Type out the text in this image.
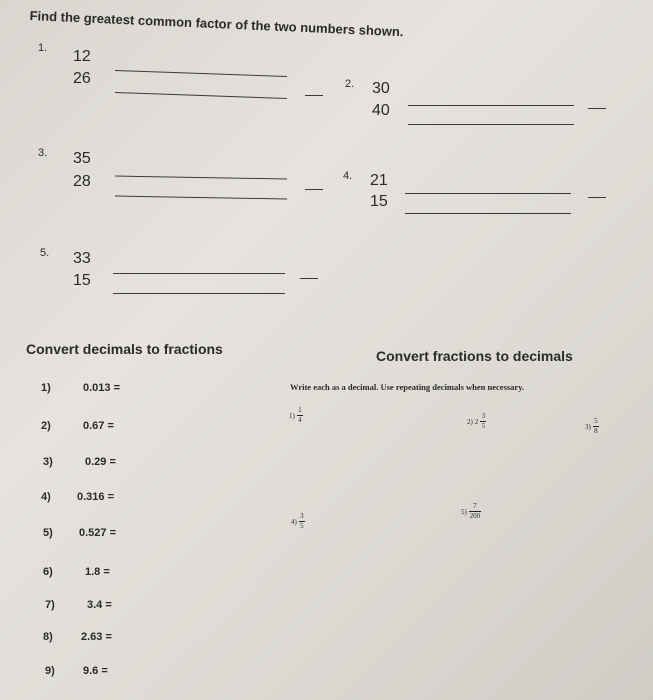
Find the greatest common factor of the two numbers shown.
1. 12
26	2. 30
40
3. 35
28	4. 21
15
5. 33
15
Convert decimals to fractions
1)	0.013 =
2)	0.67 =
3)	0.29 =
4) 0.316 =
5) 0.527 =
6)	1.8 =
7)	3.4 =
8)	2.63 =
9)	9.6 =
Convert fractions to decimals
Write each as a decimal. Use repeating decimals when necessary.
$1) \frac{1}{4}$	2) $2 \frac{3}{5}$	$3) \frac{5}{8}$
$4) \frac{3}{5}$
$5) \frac{7}{200}$
